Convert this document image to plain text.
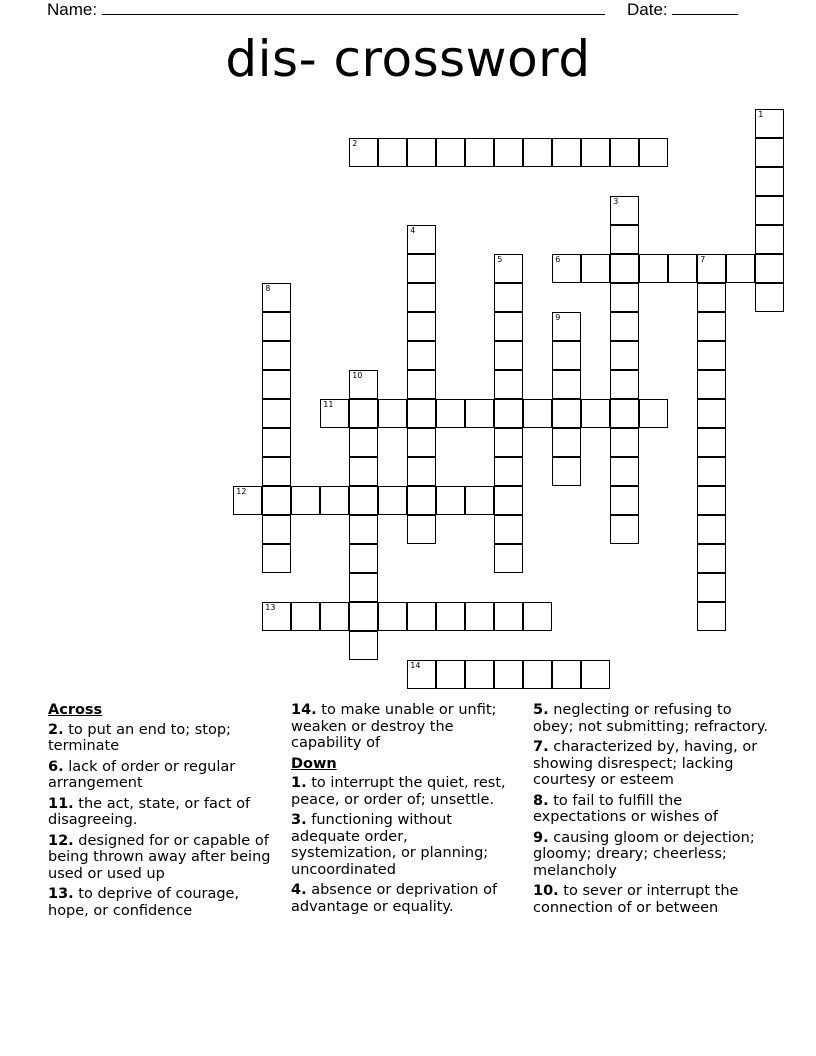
Name:	Date:
dis- crossword
1
2
3
4
5	6	7
8
9
10
11
12
13
14
Across
2. to put an end to; stop; terminate
6. lack of order or regular arrangement
11. the act, state, or fact of disagreeing.
12. designed for or capable of being thrown away after being used or used up
13. to deprive of courage, hope, or confidence
14. to make unable or unfit; weaken or destroy the capability of
Down
1. to interrupt the quiet, rest, peace, or order of; unsettle.
3. functioning without adequate order, systemization, or planning; uncoordinated
4. absence or deprivation of advantage or equality.
5. neglecting or refusing to obey; not submitting; refractory.
7. characterized by, having, or showing disrespect; lacking courtesy or esteem
8. to fail to fulfill the expectations or wishes of
9. causing gloom or dejection; gloomy; dreary; cheerless; melancholy
10. to sever or interrupt the connection of or between
